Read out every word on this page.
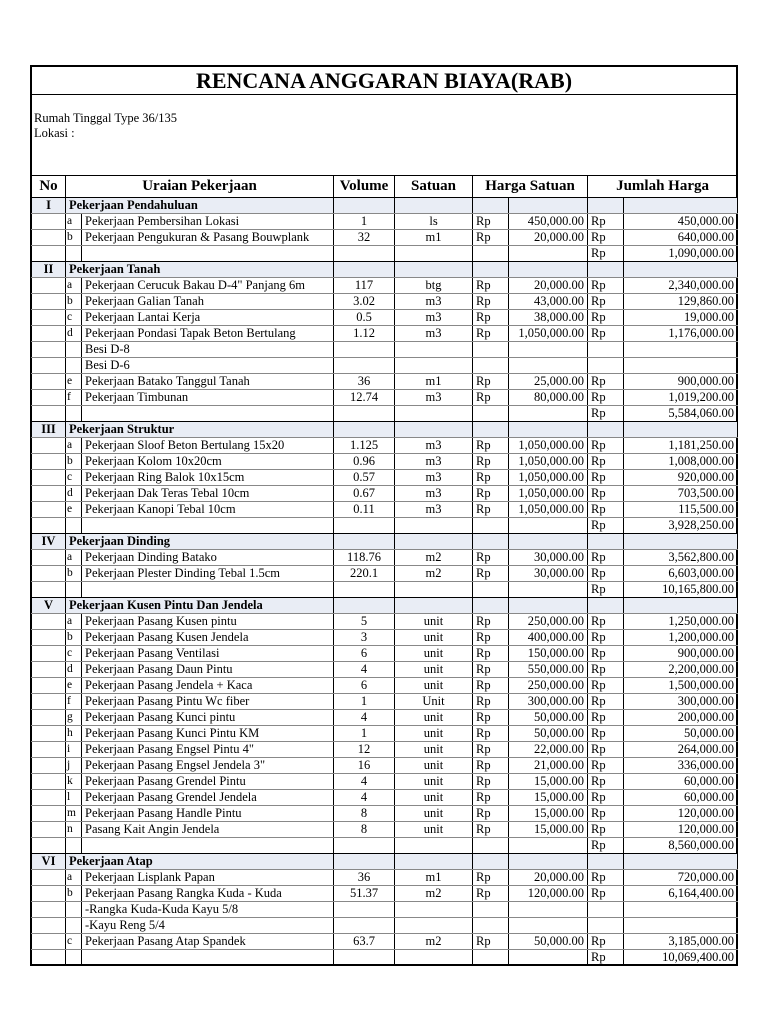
RENCANA ANGGARAN BIAYA(RAB)
Rumah Tinggal Type 36/135
Lokasi :
No	Uraian Pekerjaan		Volume	Satuan	Harga Satuan		Jumlah Harga	
I	Pekerjaan Pendahuluan							
	a	Pekerjaan Pembersihan Lokasi	1	ls	Rp	450,000.00	Rp	450,000.00
	b	Pekerjaan Pengukuran & Pasang Bouwplank	32	m1	Rp	20,000.00	Rp	640,000.00
							Rp	1,090,000.00
II	Pekerjaan Tanah							
	a	Pekerjaan Cerucuk Bakau D-4" Panjang 6m	117	btg	Rp	20,000.00	Rp	2,340,000.00
	b	Pekerjaan Galian Tanah	3.02	m3	Rp	43,000.00	Rp	129,860.00
	c	Pekerjaan Lantai Kerja	0.5	m3	Rp	38,000.00	Rp	19,000.00
	d	Pekerjaan Pondasi Tapak Beton Bertulang	1.12	m3	Rp	1,050,000.00	Rp	1,176,000.00
		Besi D-8						
		Besi D-6						
	e	Pekerjaan Batako Tanggul Tanah	36	m1	Rp	25,000.00	Rp	900,000.00
	f	Pekerjaan Timbunan	12.74	m3	Rp	80,000.00	Rp	1,019,200.00
							Rp	5,584,060.00
III	Pekerjaan Struktur							
	a	Pekerjaan Sloof Beton Bertulang 15x20	1.125	m3	Rp	1,050,000.00	Rp	1,181,250.00
	b	Pekerjaan Kolom 10x20cm	0.96	m3	Rp	1,050,000.00	Rp	1,008,000.00
	c	Pekerjaan Ring Balok 10x15cm	0.57	m3	Rp	1,050,000.00	Rp	920,000.00
	d	Pekerjaan Dak Teras Tebal 10cm	0.67	m3	Rp	1,050,000.00	Rp	703,500.00
	e	Pekerjaan Kanopi Tebal 10cm	0.11	m3	Rp	1,050,000.00	Rp	115,500.00
							Rp	3,928,250.00
IV	Pekerjaan Dinding							
	a	Pekerjaan Dinding Batako	118.76	m2	Rp	30,000.00	Rp	3,562,800.00
	b	Pekerjaan Plester Dinding Tebal 1.5cm	220.1	m2	Rp	30,000.00	Rp	6,603,000.00
							Rp	10,165,800.00
V	Pekerjaan Kusen Pintu Dan Jendela							
	a	Pekerjaan Pasang Kusen pintu	5	unit	Rp	250,000.00	Rp	1,250,000.00
	b	Pekerjaan Pasang Kusen Jendela	3	unit	Rp	400,000.00	Rp	1,200,000.00
	c	Pekerjaan Pasang Ventilasi	6	unit	Rp	150,000.00	Rp	900,000.00
	d	Pekerjaan Pasang Daun Pintu	4	unit	Rp	550,000.00	Rp	2,200,000.00
	e	Pekerjaan Pasang Jendela + Kaca	6	unit	Rp	250,000.00	Rp	1,500,000.00
	f	Pekerjaan Pasang Pintu Wc fiber	1	Unit	Rp	300,000.00	Rp	300,000.00
	g	Pekerjaan Pasang Kunci pintu	4	unit	Rp	50,000.00	Rp	200,000.00
	h	Pekerjaan Pasang Kunci Pintu KM	1	unit	Rp	50,000.00	Rp	50,000.00
	i	Pekerjaan Pasang Engsel Pintu 4"	12	unit	Rp	22,000.00	Rp	264,000.00
	j	Pekerjaan Pasang Engsel Jendela 3"	16	unit	Rp	21,000.00	Rp	336,000.00
	k	Pekerjaan Pasang Grendel Pintu	4	unit	Rp	15,000.00	Rp	60,000.00
	l	Pekerjaan Pasang Grendel Jendela	4	unit	Rp	15,000.00	Rp	60,000.00
	m	Pekerjaan Pasang Handle Pintu	8	unit	Rp	15,000.00	Rp	120,000.00
	n	Pasang Kait Angin Jendela	8	unit	Rp	15,000.00	Rp	120,000.00
							Rp	8,560,000.00
VI	Pekerjaan Atap							
	a	Pekerjaan Lisplank Papan	36	m1	Rp	20,000.00	Rp	720,000.00
	b	Pekerjaan Pasang Rangka Kuda - Kuda	51.37	m2	Rp	120,000.00	Rp	6,164,400.00
		-Rangka Kuda-Kuda Kayu 5/8						
		-Kayu Reng 5/4						
	c	Pekerjaan Pasang Atap Spandek	63.7	m2	Rp	50,000.00	Rp	3,185,000.00
							Rp	10,069,400.00
